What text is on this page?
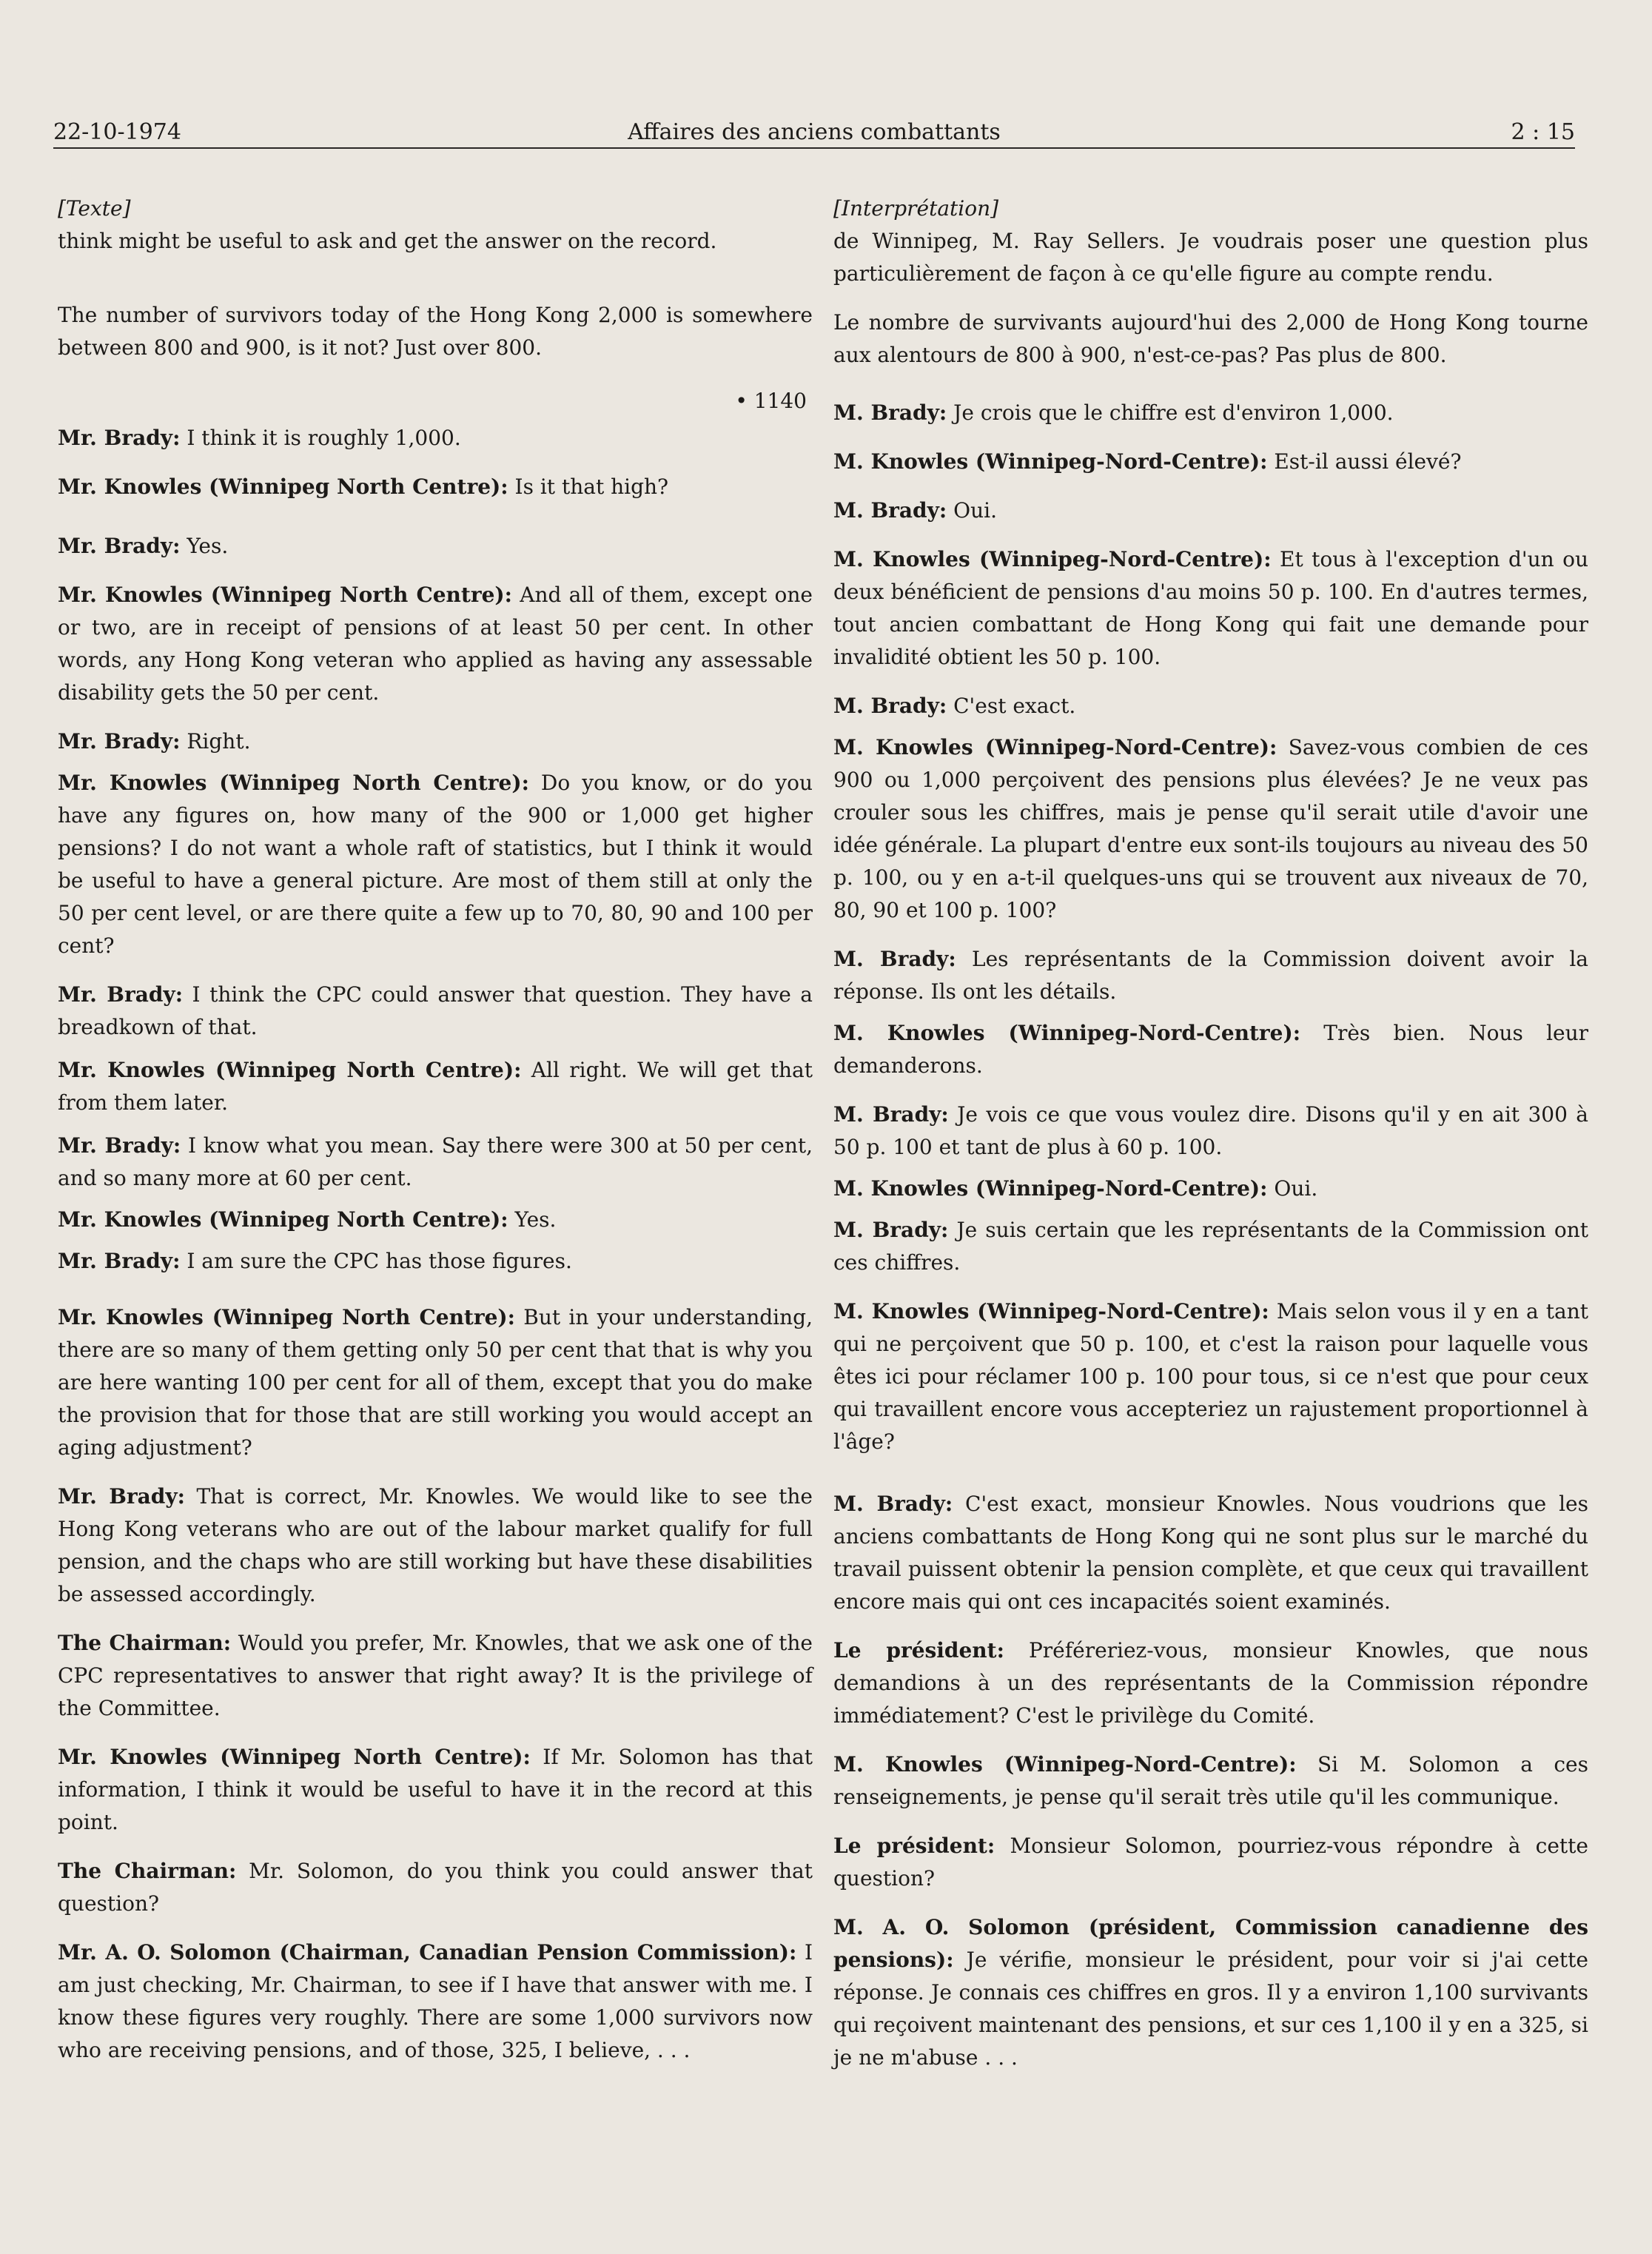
22-10-1974	Affaires des anciens combattants	2 : 15

[Texte]

think might be useful to ask and get the answer on the record.

The number of survivors today of the Hong Kong 2,000 is somewhere between 800 and 900, is it not? Just over 800.

• 1140

Mr. Brady: I think it is roughly 1,000.

Mr. Knowles (Winnipeg North Centre): Is it that high?

Mr. Brady: Yes.

Mr. Knowles (Winnipeg North Centre): And all of them, except one or two, are in receipt of pensions of at least 50 per cent. In other words, any Hong Kong veteran who applied as having any assessable disability gets the 50 per cent.

Mr. Brady: Right.

Mr. Knowles (Winnipeg North Centre): Do you know, or do you have any figures on, how many of the 900 or 1,000 get higher pensions? I do not want a whole raft of statistics, but I think it would be useful to have a general picture. Are most of them still at only the 50 per cent level, or are there quite a few up to 70, 80, 90 and 100 per cent?

Mr. Brady: I think the CPC could answer that question. They have a breadkown of that.

Mr. Knowles (Winnipeg North Centre): All right. We will get that from them later.

Mr. Brady: I know what you mean. Say there were 300 at 50 per cent, and so many more at 60 per cent.

Mr. Knowles (Winnipeg North Centre): Yes.

Mr. Brady: I am sure the CPC has those figures.

Mr. Knowles (Winnipeg North Centre): But in your understanding, there are so many of them getting only 50 per cent that that is why you are here wanting 100 per cent for all of them, except that you do make the provision that for those that are still working you would accept an aging adjustment?

Mr. Brady: That is correct, Mr. Knowles. We would like to see the Hong Kong veterans who are out of the labour market qualify for full pension, and the chaps who are still working but have these disabilities be assessed accordingly.

The Chairman: Would you prefer, Mr. Knowles, that we ask one of the CPC representatives to answer that right away? It is the privilege of the Committee.

Mr. Knowles (Winnipeg North Centre): If Mr. Solomon has that information, I think it would be useful to have it in the record at this point.

The Chairman: Mr. Solomon, do you think you could answer that question?

Mr. A. O. Solomon (Chairman, Canadian Pension Commission): I am just checking, Mr. Chairman, to see if I have that answer with me. I know these figures very roughly. There are some 1,000 survivors now who are receiving pensions, and of those, 325, I believe, . . .

[Interprétation]

de Winnipeg, M. Ray Sellers. Je voudrais poser une question plus particulièrement de façon à ce qu'elle figure au compte rendu.

Le nombre de survivants aujourd'hui des 2,000 de Hong Kong tourne aux alentours de 800 à 900, n'est-ce-pas? Pas plus de 800.

M. Brady: Je crois que le chiffre est d'environ 1,000.

M. Knowles (Winnipeg-Nord-Centre): Est-il aussi élevé?

M. Brady: Oui.

M. Knowles (Winnipeg-Nord-Centre): Et tous à l'exception d'un ou deux bénéficient de pensions d'au moins 50 p. 100. En d'autres termes, tout ancien combattant de Hong Kong qui fait une demande pour invalidité obtient les 50 p. 100.

M. Brady: C'est exact.

M. Knowles (Winnipeg-Nord-Centre): Savez-vous combien de ces 900 ou 1,000 perçoivent des pensions plus élevées? Je ne veux pas crouler sous les chiffres, mais je pense qu'il serait utile d'avoir une idée générale. La plupart d'entre eux sont-ils toujours au niveau des 50 p. 100, ou y en a-t-il quelques-uns qui se trouvent aux niveaux de 70, 80, 90 et 100 p. 100?

M. Brady: Les représentants de la Commission doivent avoir la réponse. Ils ont les détails.

M. Knowles (Winnipeg-Nord-Centre): Très bien. Nous leur demanderons.

M. Brady: Je vois ce que vous voulez dire. Disons qu'il y en ait 300 à 50 p. 100 et tant de plus à 60 p. 100.

M. Knowles (Winnipeg-Nord-Centre): Oui.

M. Brady: Je suis certain que les représentants de la Commission ont ces chiffres.

M. Knowles (Winnipeg-Nord-Centre): Mais selon vous il y en a tant qui ne perçoivent que 50 p. 100, et c'est la raison pour laquelle vous êtes ici pour réclamer 100 p. 100 pour tous, si ce n'est que pour ceux qui travaillent encore vous accepteriez un rajustement proportionnel à l'âge?

M. Brady: C'est exact, monsieur Knowles. Nous voudrions que les anciens combattants de Hong Kong qui ne sont plus sur le marché du travail puissent obtenir la pension complète, et que ceux qui travaillent encore mais qui ont ces incapacités soient examinés.

Le président: Préféreriez-vous, monsieur Knowles, que nous demandions à un des représentants de la Commission répondre immédiatement? C'est le privilège du Comité.

M. Knowles (Winnipeg-Nord-Centre): Si M. Solomon a ces renseignements, je pense qu'il serait très utile qu'il les communique.

Le président: Monsieur Solomon, pourriez-vous répondre à cette question?

M. A. O. Solomon (président, Commission canadienne des pensions): Je vérifie, monsieur le président, pour voir si j'ai cette réponse. Je connais ces chiffres en gros. Il y a environ 1,100 survivants qui reçoivent maintenant des pensions, et sur ces 1,100 il y en a 325, si je ne m'abuse . . .
